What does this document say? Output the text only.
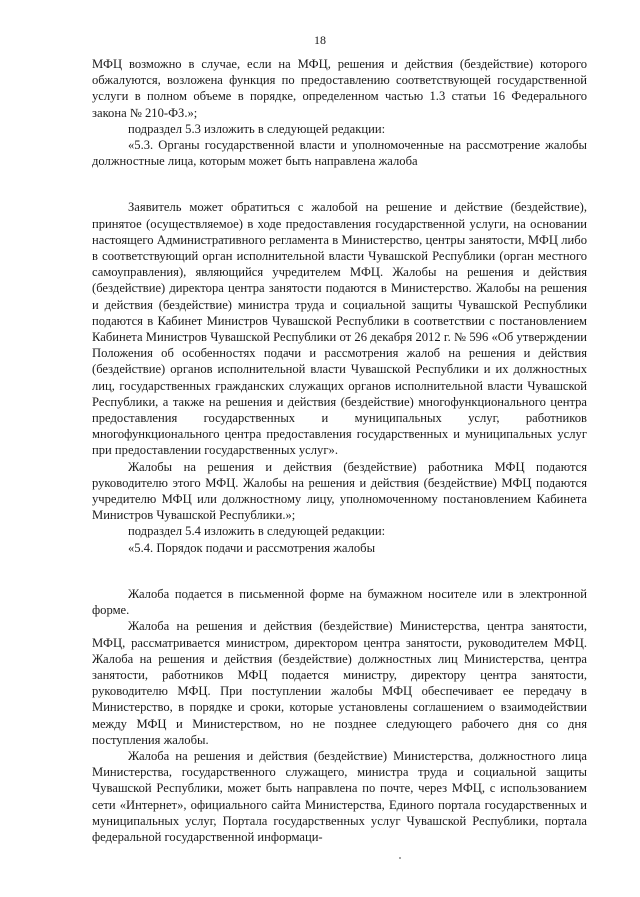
18

МФЦ возможно в случае, если на МФЦ, решения и действия (бездействие) которого обжалуются, возложена функция по предоставлению соответствующей государственной услуги в полном объеме в порядке, определенном частью 1.3 статьи 16 Федерального закона № 210-ФЗ.»;

подраздел 5.3 изложить в следующей редакции:

«5.3. Органы государственной власти и уполномоченные на рассмотрение жалобы должностные лица, которым может быть направлена жалоба

Заявитель может обратиться с жалобой на решение и действие (бездействие), принятое (осуществляемое) в ходе предоставления государственной услуги, на основании настоящего Административного регламента в Министерство, центры занятости, МФЦ либо в соответствующий орган исполнительной власти Чувашской Республики (орган местного самоуправления), являющийся учредителем МФЦ. Жалобы на решения и действия (бездействие) директора центра занятости подаются в Министерство. Жалобы на решения и действия (бездействие) министра труда и социальной защиты Чувашской Республики подаются в Кабинет Министров Чувашской Республики в соответствии с постановлением Кабинета Министров Чувашской Республики от 26 декабря 2012 г. № 596 «Об утверждении Положения об особенностях подачи и рассмотрения жалоб на решения и действия (бездействие) органов исполнительной власти Чувашской Республики и их должностных лиц, государственных гражданских служащих органов исполнительной власти Чувашской Республики, а также на решения и действия (бездействие) многофункционального центра предоставления государственных и муниципальных услуг, работников многофункционального центра предоставления государственных и муниципальных услуг при предоставлении государственных услуг».

Жалобы на решения и действия (бездействие) работника МФЦ подаются руководителю этого МФЦ. Жалобы на решения и действия (бездействие) МФЦ подаются учредителю МФЦ или должностному лицу, уполномоченному постановлением Кабинета Министров Чувашской Республики.»;

подраздел 5.4 изложить в следующей редакции:

«5.4. Порядок подачи и рассмотрения жалобы

Жалоба подается в письменной форме на бумажном носителе или в электронной форме.

Жалоба на решения и действия (бездействие) Министерства, центра занятости, МФЦ, рассматривается министром, директором центра занятости, руководителем МФЦ. Жалоба на решения и действия (бездействие) должностных лиц Министерства, центра занятости, работников МФЦ подается министру, директору центра занятости, руководителю МФЦ. При поступлении жалобы МФЦ обеспечивает ее передачу в Министерство, в порядке и сроки, которые установлены соглашением о взаимодействии между МФЦ и Министерством, но не позднее следующего рабочего дня со дня поступления жалобы.

Жалоба на решения и действия (бездействие) Министерства, должностного лица Министерства, государственного служащего, министра труда и социальной защиты Чувашской Республики, может быть направлена по почте, через МФЦ, с использованием сети «Интернет», официального сайта Министерства, Единого портала государственных и муниципальных услуг, Портала государственных услуг Чувашской Республики, портала федеральной государственной информаци-
